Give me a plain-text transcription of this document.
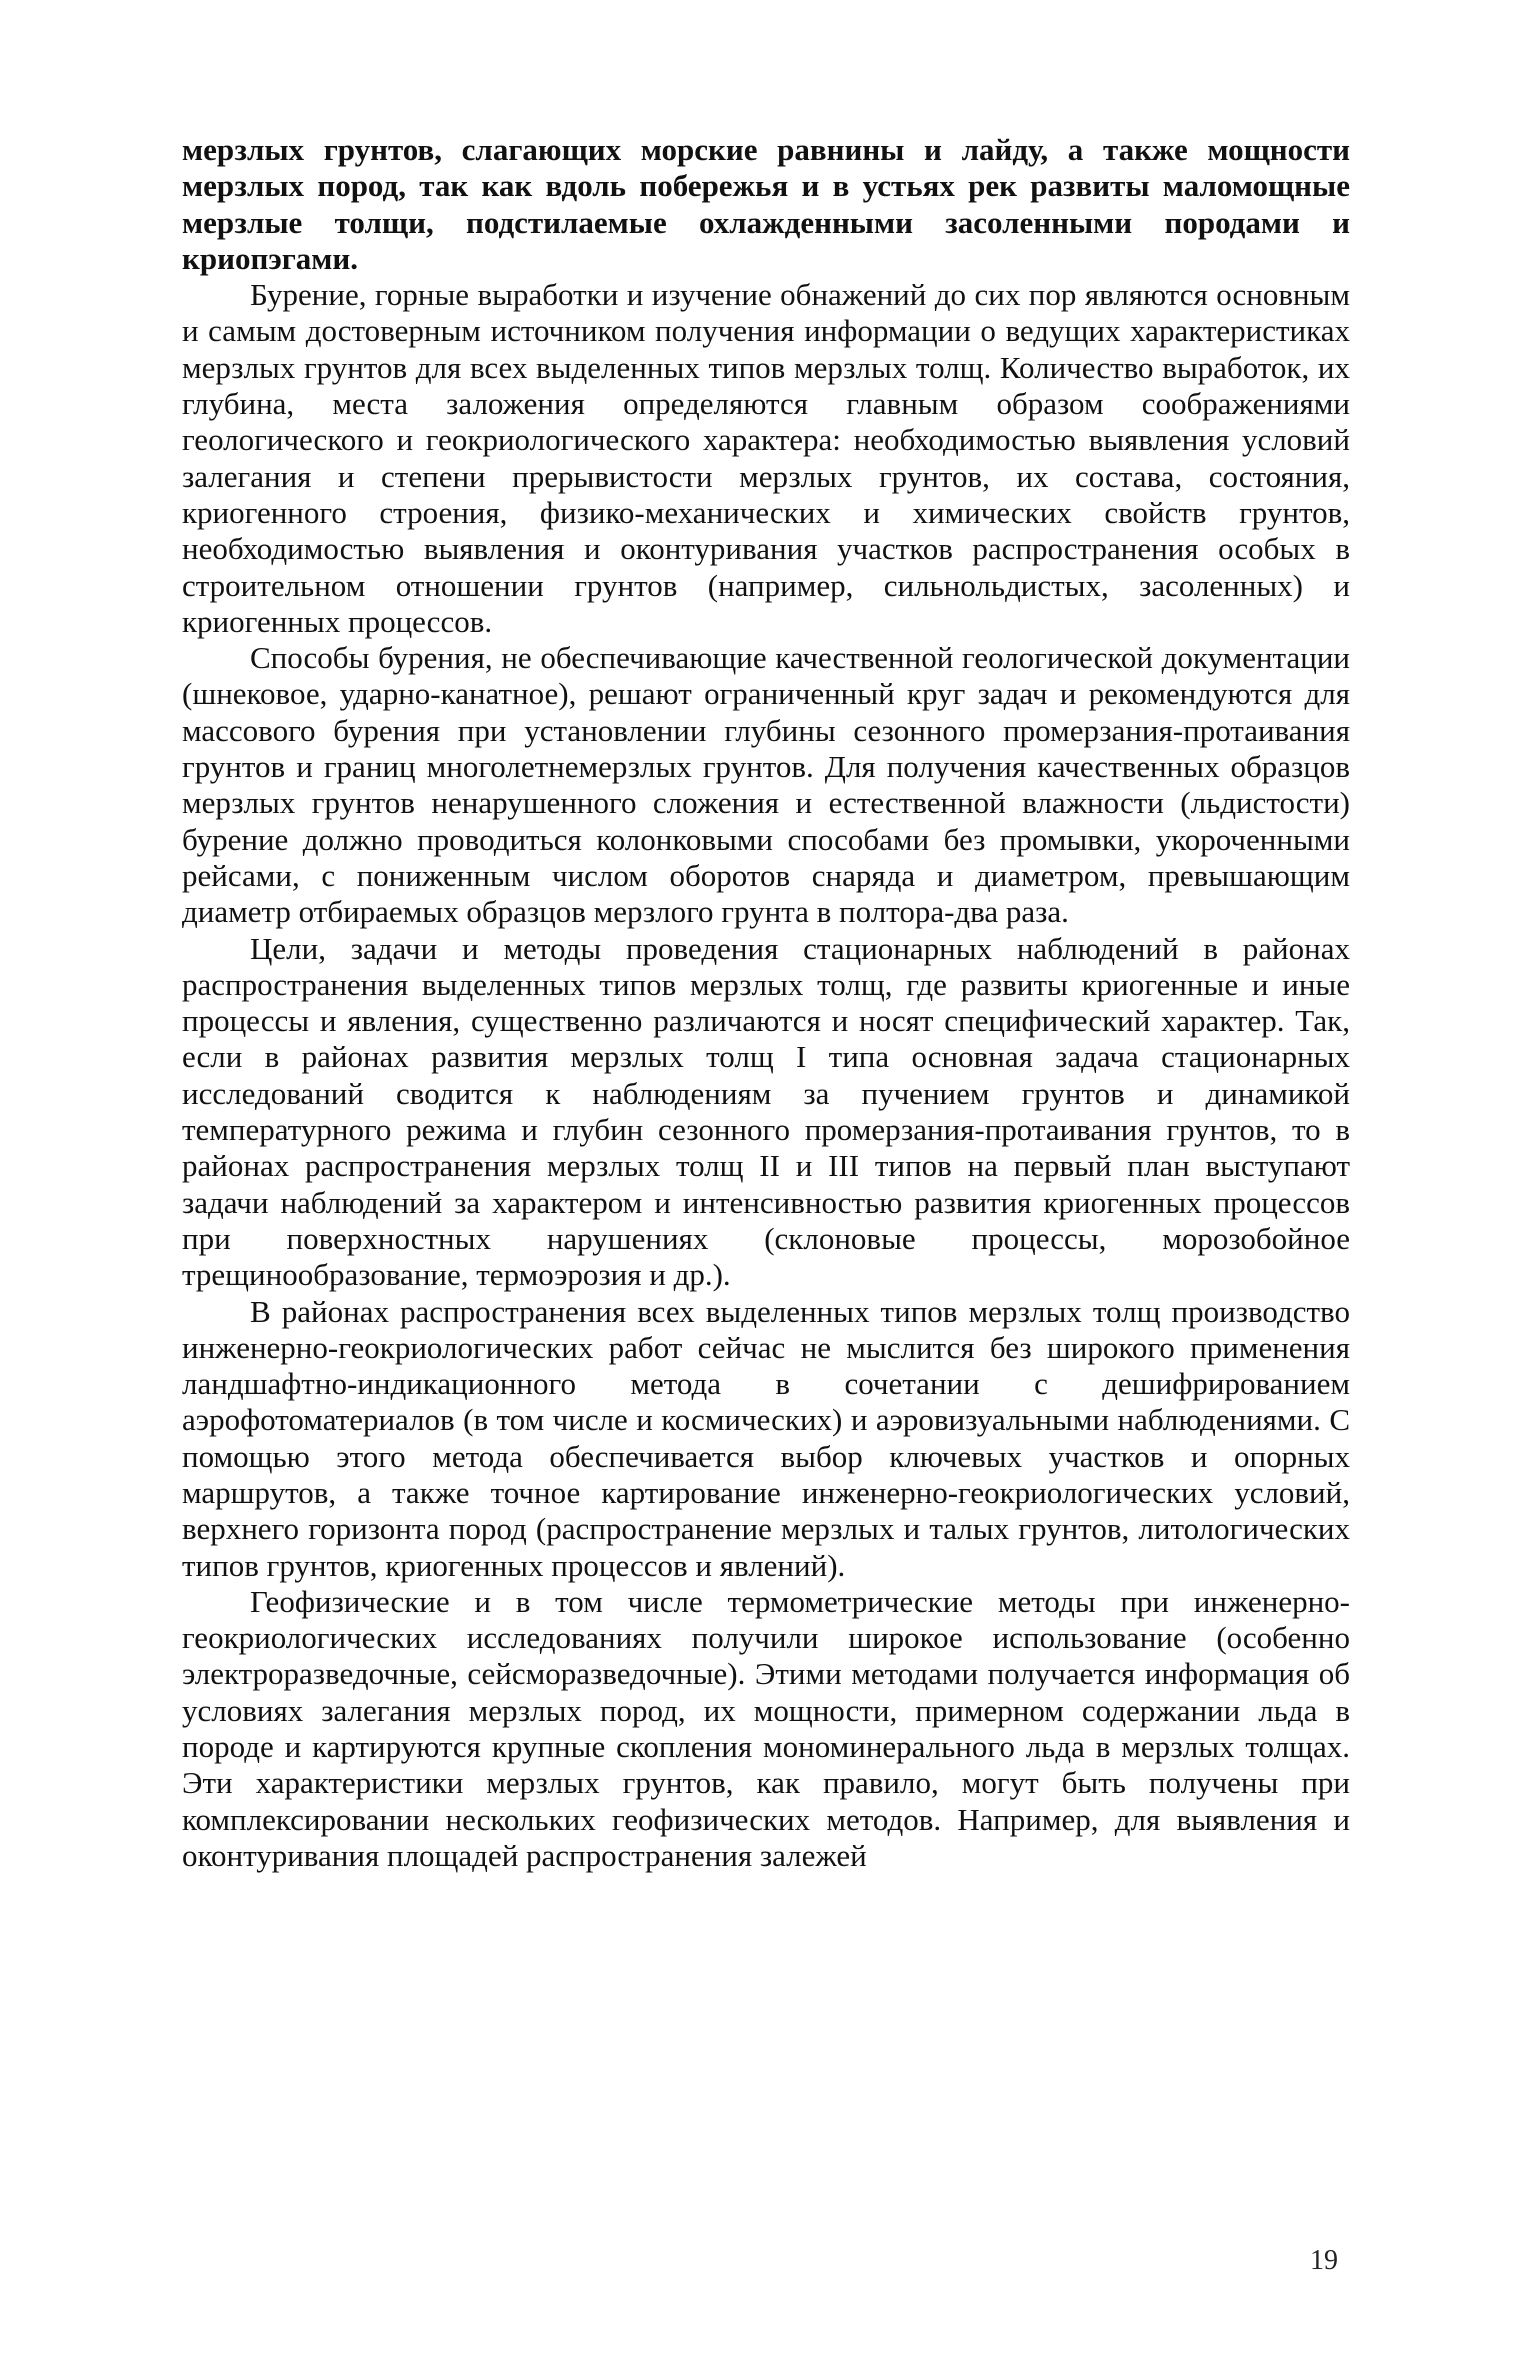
мерзлых грунтов, слагающих морские равнины и лайду, а также мощности мерзлых пород, так как вдоль побережья и в устьях рек развиты маломощные мерзлые толщи, подстилаемые охлажденными засоленными породами и криопэгами.

Бурение, горные выработки и изучение обнажений до сих пор являются основным и самым достоверным источником получения информации о ведущих характеристиках мерзлых грунтов для всех выделенных типов мерзлых толщ. Количество выработок, их глубина, места заложения определяются главным образом соображениями геологического и геокриологического характера: необходимостью выявления условий залегания и степени прерывистости мерзлых грунтов, их состава, состояния, криогенного строения, физико-механических и химических свойств грунтов, необходимостью выявления и оконтуривания участков распространения особых в строительном отношении грунтов (например, сильнольдистых, засоленных) и криогенных процессов.

Способы бурения, не обеспечивающие качественной геологической документации (шнековое, ударно-канатное), решают ограниченный круг задач и рекомендуются для массового бурения при установлении глубины сезонного промерзания-протаивания грунтов и границ многолетнемерзлых грунтов. Для получения качественных образцов мерзлых грунтов ненарушенного сложения и естественной влажности (льдистости) бурение должно проводиться колонковыми способами без промывки, укороченными рейсами, с пониженным числом оборотов снаряда и диаметром, превышающим диаметр отбираемых образцов мерзлого грунта в полтора-два раза.

Цели, задачи и методы проведения стационарных наблюдений в районах распространения выделенных типов мерзлых толщ, где развиты криогенные и иные процессы и явления, существенно различаются и носят специфический характер. Так, если в районах развития мерзлых толщ I типа основная задача стационарных исследований сводится к наблюдениям за пучением грунтов и динамикой температурного режима и глубин сезонного промерзания-протаивания грунтов, то в районах распространения мерзлых толщ II и III типов на первый план выступают задачи наблюдений за характером и интенсивностью развития криогенных процессов при поверхностных нарушениях (склоновые процессы, морозобойное трещинообразование, термоэрозия и др.).

В районах распространения всех выделенных типов мерзлых толщ производство инженерно-геокриологических работ сейчас не мыслится без широкого применения ландшафтно-индикационного метода в сочетании с дешифрированием аэрофотоматериалов (в том числе и космических) и аэровизуальными наблюдениями. С помощью этого метода обеспечивается выбор ключевых участков и опорных маршрутов, а также точное картирование инженерно-геокриологических условий, верхнего горизонта пород (распространение мерзлых и талых грунтов, литологических типов грунтов, криогенных процессов и явлений).

Геофизические и в том числе термометрические методы при инженерно-геокриологических исследованиях получили широкое использование (особенно электроразведочные, сейсморазведочные). Этими методами получается информация об условиях залегания мерзлых пород, их мощности, примерном содержании льда в породе и картируются крупные скопления мономинерального льда в мерзлых толщах. Эти характеристики мерзлых грунтов, как правило, могут быть получены при комплексировании нескольких геофизических методов. Например, для выявления и оконтуривания площадей распространения залежей

19
